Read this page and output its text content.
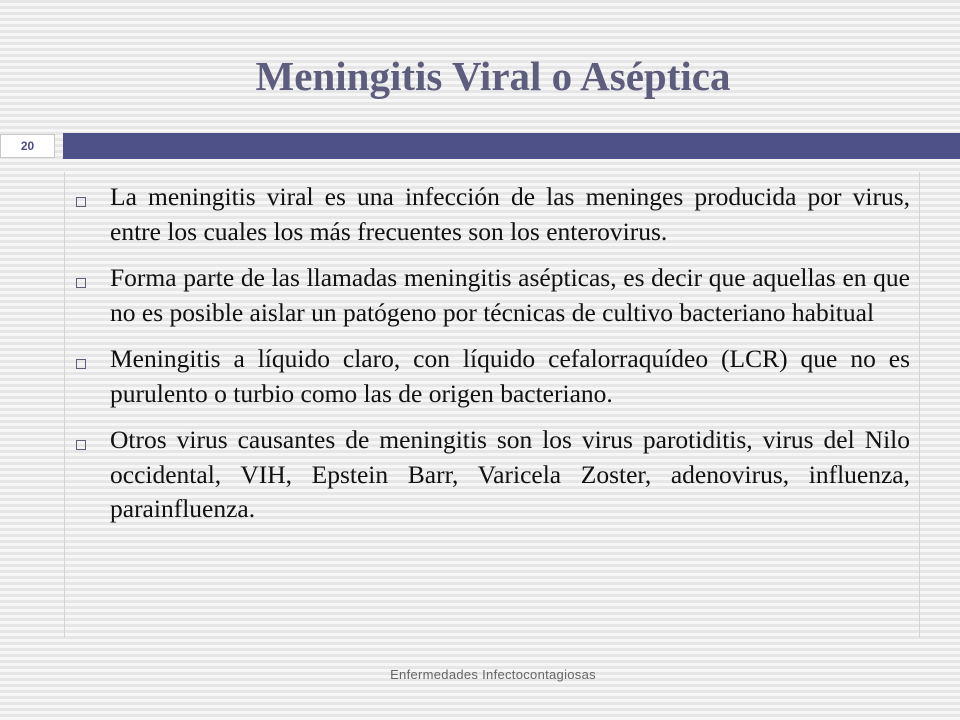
Meningitis Viral o Aséptica
20
La meningitis viral es una infección de las meninges producida por virus, entre los cuales los más frecuentes son los enterovirus.
Forma parte de las llamadas meningitis asépticas, es decir que aquellas en que no es posible aislar un patógeno por técnicas de cultivo bacteriano habitual
Meningitis a líquido claro, con líquido cefalorraquídeo (LCR) que no es purulento o turbio como las de origen bacteriano.
Otros virus causantes de meningitis son los virus parotiditis, virus del Nilo occidental, VIH, Epstein Barr, Varicela Zoster, adenovirus, influenza, parainfluenza.
Enfermedades Infectocontagiosas
